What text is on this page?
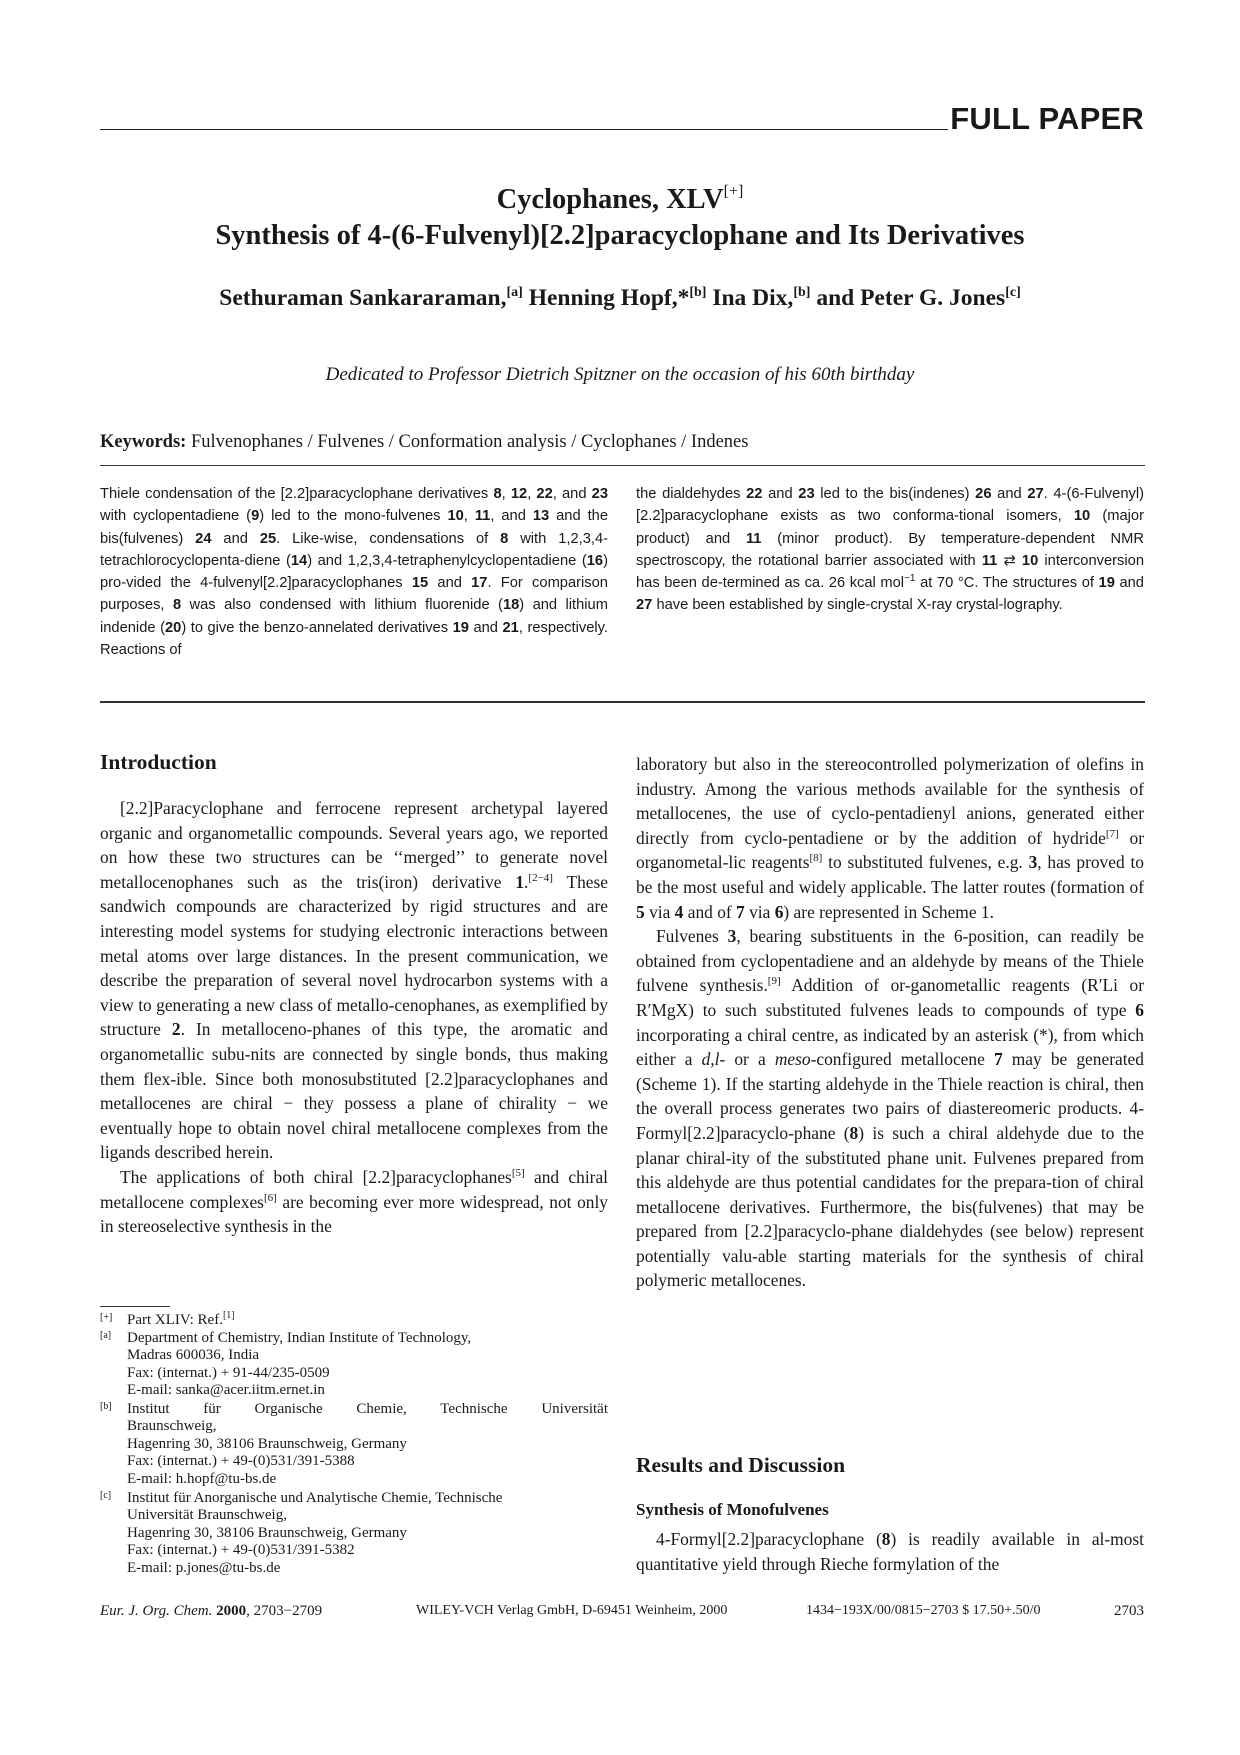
FULL PAPER
Cyclophanes, XLV[+]
Synthesis of 4-(6-Fulvenyl)[2.2]paracyclophane and Its Derivatives
Sethuraman Sankararaman,[a] Henning Hopf,*[b] Ina Dix,[b] and Peter G. Jones[c]
Dedicated to Professor Dietrich Spitzner on the occasion of his 60th birthday
Keywords: Fulvenophanes / Fulvenes / Conformation analysis / Cyclophanes / Indenes
Thiele condensation of the [2.2]paracyclophane derivatives 8, 12, 22, and 23 with cyclopentadiene (9) led to the mono-fulvenes 10, 11, and 13 and the bis(fulvenes) 24 and 25. Like-wise, condensations of 8 with 1,2,3,4-tetrachlorocyclopenta-diene (14) and 1,2,3,4-tetraphenylcyclopentadiene (16) pro-vided the 4-fulvenyl[2.2]paracyclophanes 15 and 17. For comparison purposes, 8 was also condensed with lithium fluorenide (18) and lithium indenide (20) to give the benzo-annelated derivatives 19 and 21, respectively. Reactions of
the dialdehydes 22 and 23 led to the bis(indenes) 26 and 27. 4-(6-Fulvenyl)[2.2]paracyclophane exists as two conforma-tional isomers, 10 (major product) and 11 (minor product). By temperature-dependent NMR spectroscopy, the rotational barrier associated with 11 ⇄ 10 interconversion has been de-termined as ca. 26 kcal mol$^{-1}$ at 70 °C. The structures of 19 and 27 have been established by single-crystal X-ray crystal-lography.
Introduction

[2.2]Paracyclophane and ferrocene represent archetypal layered organic and organometallic compounds. Several years ago, we reported on how these two structures can be ‘‘merged’’ to generate novel metallocenophanes such as the tris(iron) derivative 1.[2−4] These sandwich compounds are characterized by rigid structures and are interesting model systems for studying electronic interactions between metal atoms over large distances. In the present communication, we describe the preparation of several novel hydrocarbon systems with a view to generating a new class of metallo-cenophanes, as exemplified by structure 2. In metalloceno-phanes of this type, the aromatic and organometallic subu-nits are connected by single bonds, thus making them flex-ible. Since both monosubstituted [2.2]paracyclophanes and metallocenes are chiral − they possess a plane of chirality − we eventually hope to obtain novel chiral metallocene complexes from the ligands described herein.

The applications of both chiral [2.2]paracyclophanes[5] and chiral metallocene complexes[6] are becoming ever more widespread, not only in stereoselective synthesis in the

[+] Part XLIV: Ref.[1]
[a] Department of Chemistry, Indian Institute of Technology,
Madras 600036, India
Fax: (internat.) + 91-44/235-0509
E-mail: sanka@acer.iitm.ernet.in
[b] Institut für Organische Chemie, Technische Universität
Braunschweig,
Hagenring 30, 38106 Braunschweig, Germany
Fax: (internat.) + 49-(0)531/391-5388
E-mail: h.hopf@tu-bs.de
[c] Institut für Anorganische und Analytische Chemie, Technische
Universität Braunschweig,
Hagenring 30, 38106 Braunschweig, Germany
Fax: (internat.) + 49-(0)531/391-5382
E-mail: p.jones@tu-bs.de

laboratory but also in the stereocontrolled polymerization of olefins in industry. Among the various methods available for the synthesis of metallocenes, the use of cyclo-pentadienyl anions, generated either directly from cyclo-pentadiene or by the addition of hydride[7] or organometal-lic reagents[8] to substituted fulvenes, e.g. 3, has proved to be the most useful and widely applicable. The latter routes (formation of 5 via 4 and of 7 via 6) are represented in Scheme 1.

Fulvenes 3, bearing substituents in the 6-position, can readily be obtained from cyclopentadiene and an aldehyde by means of the Thiele fulvene synthesis.[9] Addition of or-ganometallic reagents (R′Li or R′MgX) to such substituted fulvenes leads to compounds of type 6 incorporating a chiral centre, as indicated by an asterisk (*), from which either a d,l- or a meso-configured metallocene 7 may be generated (Scheme 1). If the starting aldehyde in the Thiele reaction is chiral, then the overall process generates two pairs of diastereomeric products. 4-Formyl[2.2]paracyclo-phane (8) is such a chiral aldehyde due to the planar chiral-ity of the substituted phane unit. Fulvenes prepared from this aldehyde are thus potential candidates for the prepara-tion of chiral metallocene derivatives. Furthermore, the bis(fulvenes) that may be prepared from [2.2]paracyclo-phane dialdehydes (see below) represent potentially valu-able starting materials for the synthesis of chiral polymeric metallocenes.

Results and Discussion
Synthesis of Monofulvenes

4-Formyl[2.2]paracyclophane (8) is readily available in al-most quantitative yield through Rieche formylation of the

Eur. J. Org. Chem. 2000, 2703−2709	WILEY-VCH Verlag GmbH, D-69451 Weinheim, 2000	1434−193X/00/0815−2703 $ 17.50+.50/0	2703
